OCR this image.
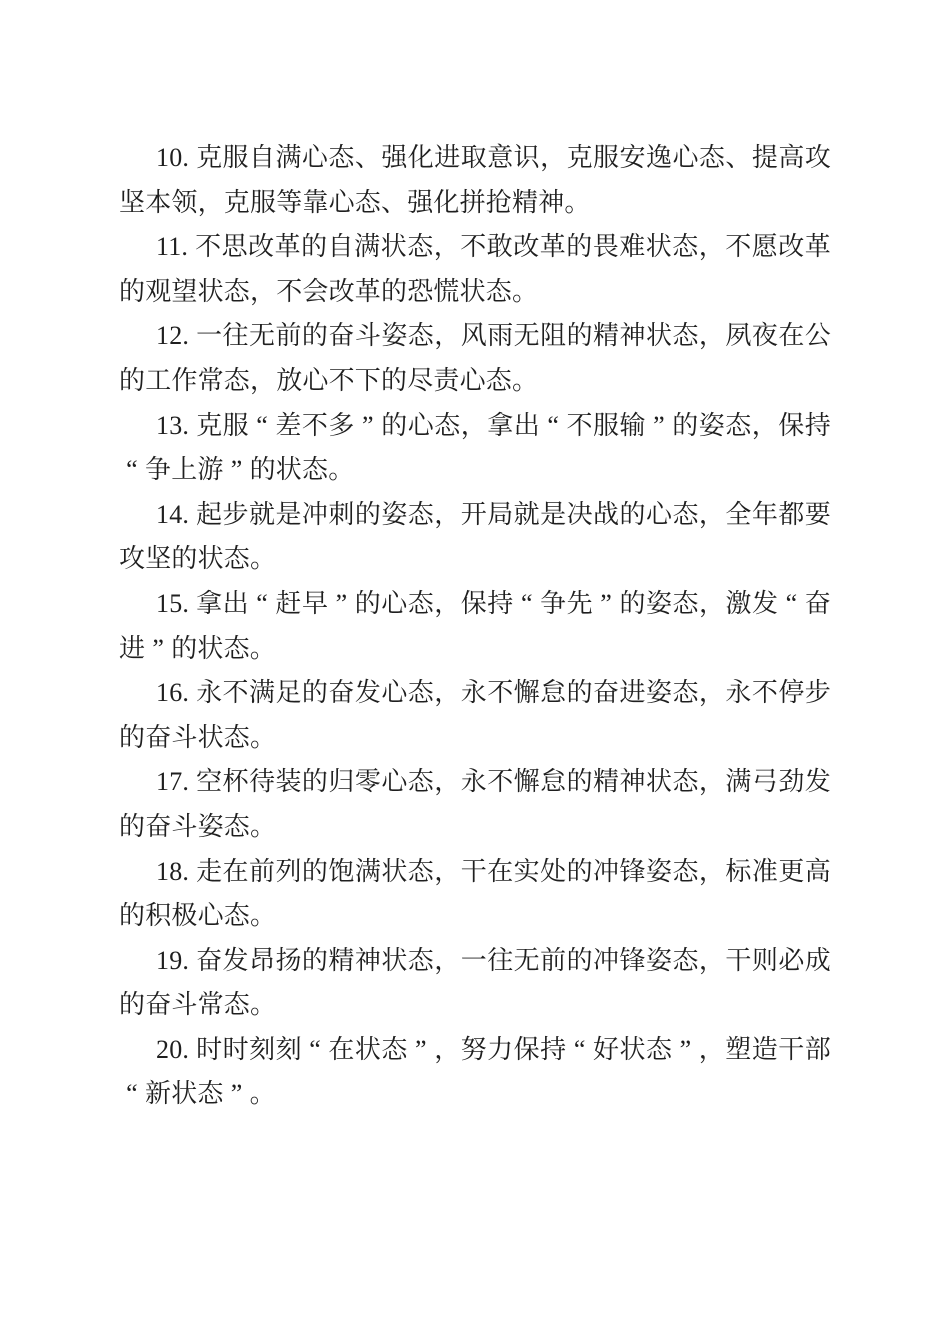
10. 克服自满心态、强化进取意识，克服安逸心态、提高攻坚本领，克服等靠心态、强化拼抢精神。

11. 不思改革的自满状态，不敢改革的畏难状态，不愿改革的观望状态，不会改革的恐慌状态。

12. 一往无前的奋斗姿态，风雨无阻的精神状态，夙夜在公的工作常态，放心不下的尽责心态。

13. 克服 “ 差不多 ” 的心态，拿出 “ 不服输 ” 的姿态，保持“ 争上游 ” 的状态。

14. 起步就是冲刺的姿态，开局就是决战的心态，全年都要攻坚的状态。

15. 拿出 “ 赶早 ” 的心态，保持 “ 争先 ” 的姿态，激发 “ 奋进 ” 的状态。

16. 永不满足的奋发心态，永不懈怠的奋进姿态，永不停步的奋斗状态。

17. 空杯待装的归零心态，永不懈怠的精神状态，满弓劲发的奋斗姿态。

18. 走在前列的饱满状态，干在实处的冲锋姿态，标准更高的积极心态。

19. 奋发昂扬的精神状态，一往无前的冲锋姿态，干则必成的奋斗常态。

20. 时时刻刻 “ 在状态 ” ，努力保持 “ 好状态 ” ，塑造干部“ 新状态 ” 。
